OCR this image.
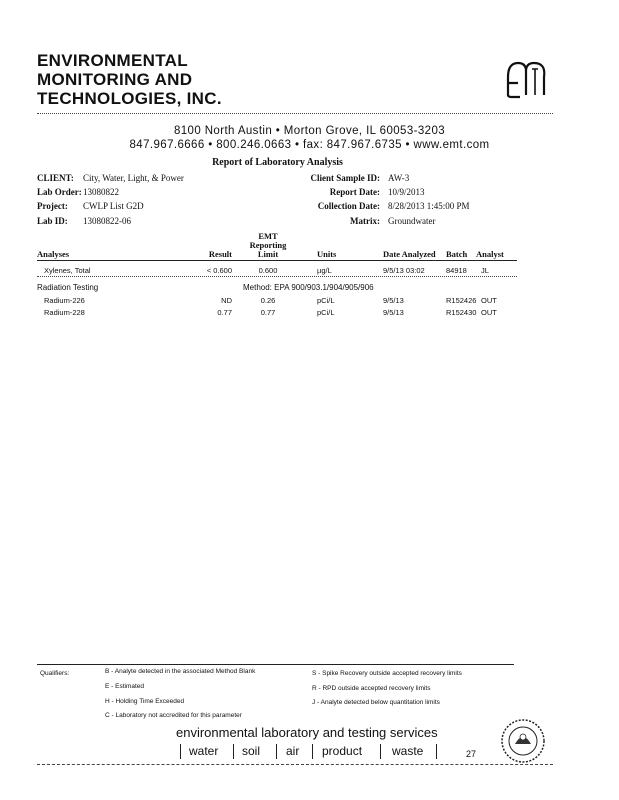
ENVIRONMENTAL
MONITORING AND
TECHNOLOGIES, INC.
EMT
8100 North Austin • Morton Grove, IL 60053-3203
847.967.6666 • 800.246.0663 • fax: 847.967.6735 • www.emt.com
Report of Laboratory Analysis
CLIENT: City, Water, Light, & Power
Lab Order: 13080822
Project: CWLP List G2D
Lab ID: 13080822-06
Client Sample ID: AW-3
Report Date: 10/9/2013
Collection Date: 8/28/2013 1:45:00 PM
Matrix: Groundwater
Analyses	Result
EMT
Reporting
Limit	Units	Date Analyzed Batch Analyst
Xylenes, Total	< 0.600	0.600	µg/L	9/5/13 03:02	84918 JL
Radiation Testing	Method: EPA 900/903.1/904/905/906
Radium-226	ND	0.26	pCi/L	9/5/13	R152426 OUT
Radium-228	0.77	0.77	pCi/L	9/5/13	R152430 OUT
Qualifiers:	B - Analyte detected in the associated Method Blank
E - Estimated
H - Holding Time Exceeded
C - Laboratory not accredited for this parameter
S - Spike Recovery outside accepted recovery limits
R - RPD outside accepted recovery limits
J - Analyte detected below quantitation limits
environmental laboratory and testing services
water soil air product waste	27
